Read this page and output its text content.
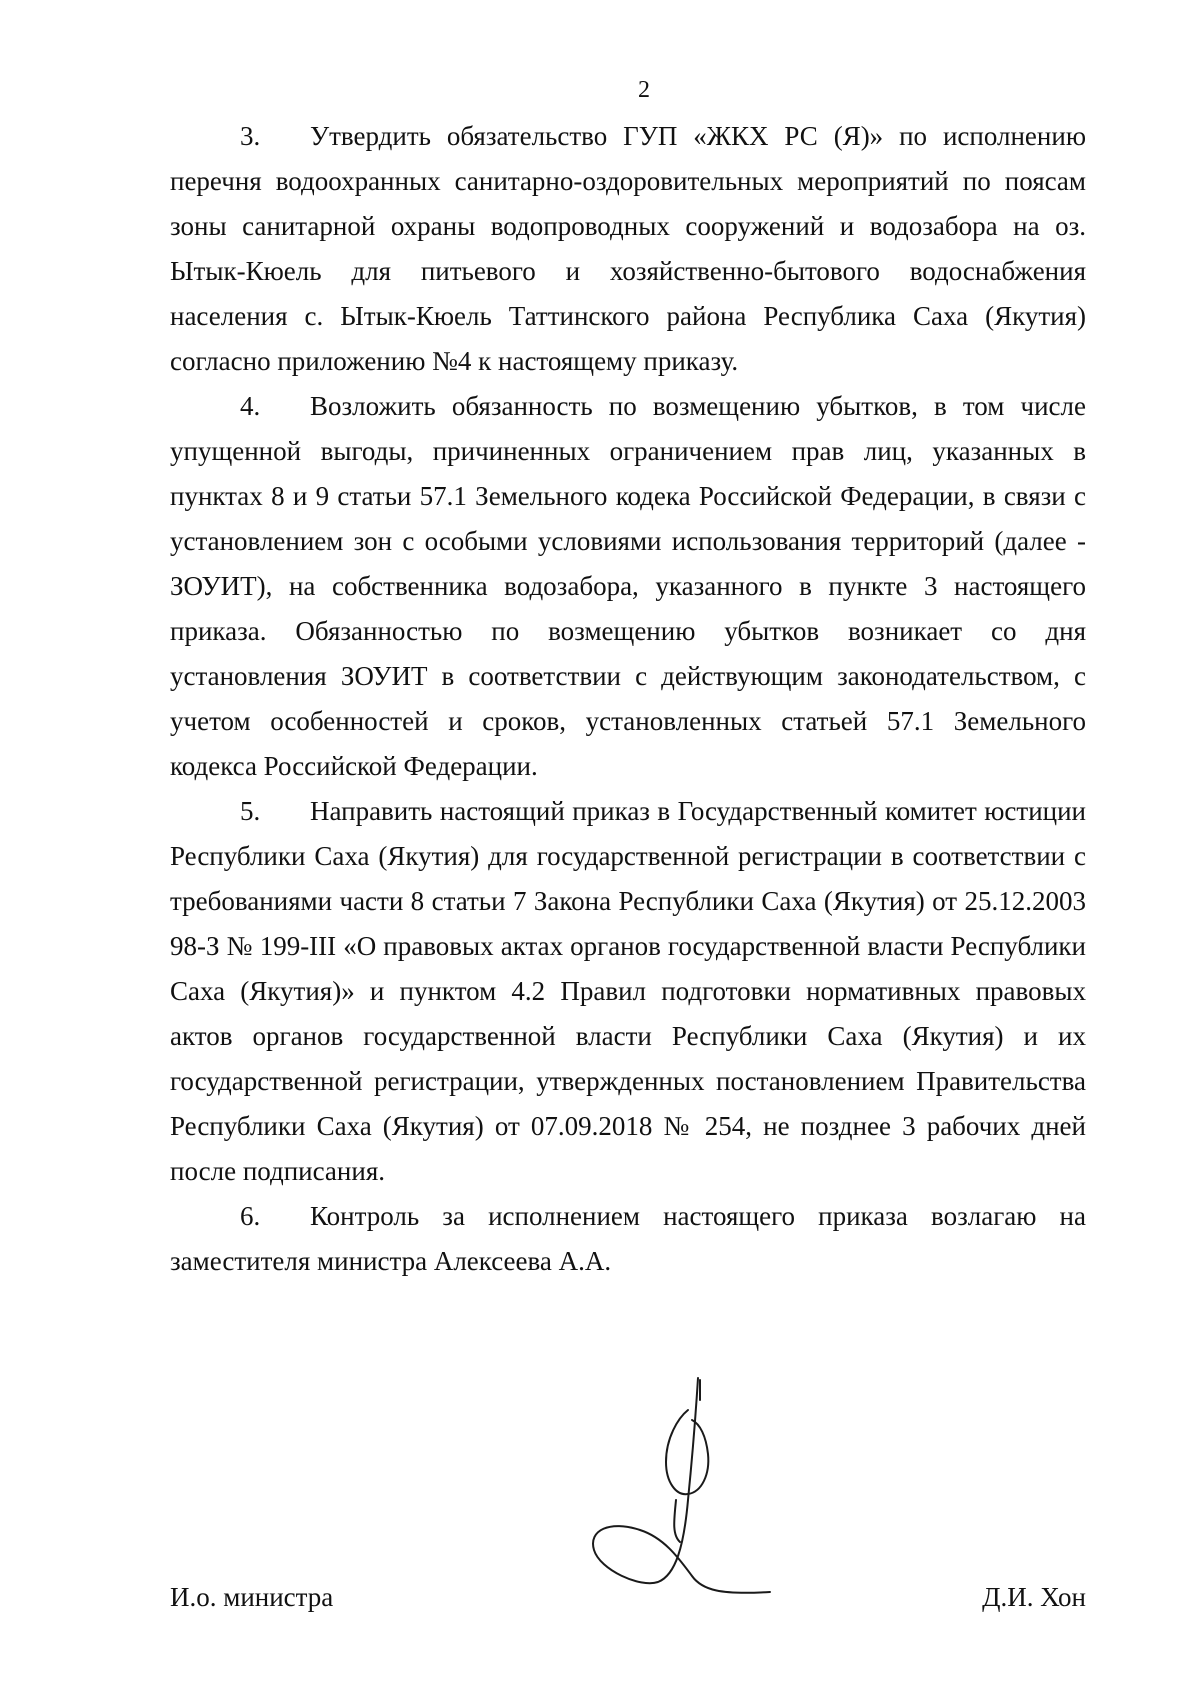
2

3. Утвердить обязательство ГУП «ЖКХ РС (Я)» по исполнению перечня водоохранных санитарно-оздоровительных мероприятий по поясам зоны санитарной охраны водопроводных сооружений и водозабора на оз. Ытык-Кюель для питьевого и хозяйственно-бытового водоснабжения населения с. Ытык-Кюель Таттинского района Республика Саха (Якутия) согласно приложению №4 к настоящему приказу.

4. Возложить обязанность по возмещению убытков, в том числе упущенной выгоды, причиненных ограничением прав лиц, указанных в пунктах 8 и 9 статьи 57.1 Земельного кодека Российской Федерации, в связи с установлением зон с особыми условиями использования территорий (далее - ЗОУИТ), на собственника водозабора, указанного в пункте 3 настоящего приказа. Обязанностью по возмещению убытков возникает со дня установления ЗОУИТ в соответствии с действующим законодательством, с учетом особенностей и сроков, установленных статьей 57.1 Земельного кодекса Российской Федерации.

5. Направить настоящий приказ в Государственный комитет юстиции Республики Саха (Якутия) для государственной регистрации в соответствии с требованиями части 8 статьи 7 Закона Республики Саха (Якутия) от 25.12.2003 98-З № 199-III «О правовых актах органов государственной власти Республики Саха (Якутия)» и пунктом 4.2 Правил подготовки нормативных правовых актов органов государственной власти Республики Саха (Якутия) и их государственной регистрации, утвержденных постановлением Правительства Республики Саха (Якутия) от 07.09.2018 № 254, не позднее 3 рабочих дней после подписания.

6. Контроль за исполнением настоящего приказа возлагаю на заместителя министра Алексеева А.А.

И.о. министра	Д.И. Хон
